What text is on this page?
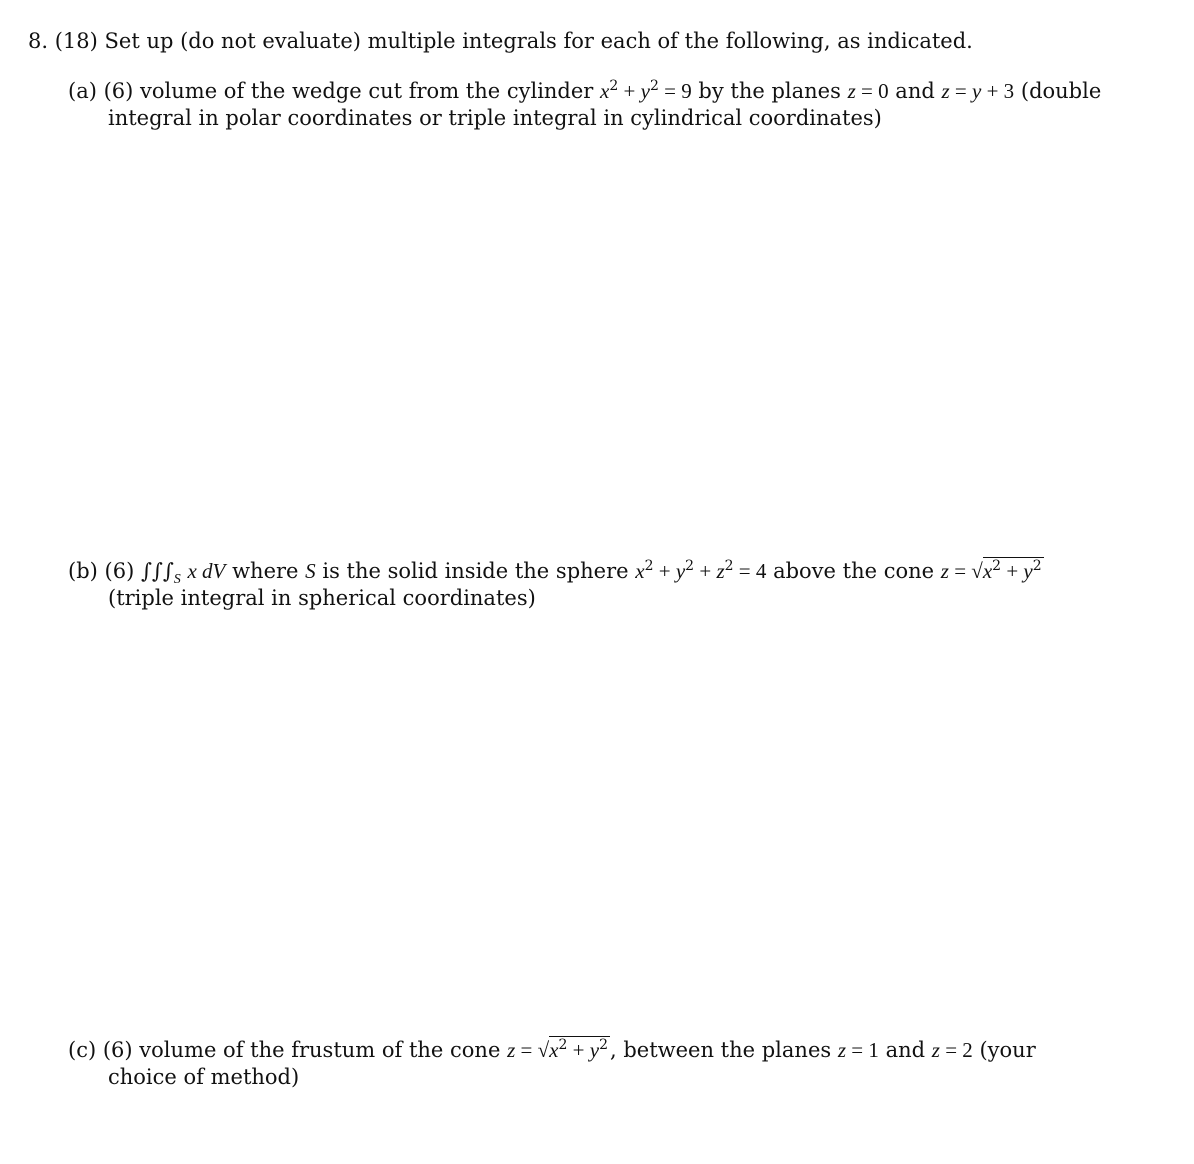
8. (18) Set up (do not evaluate) multiple integrals for each of the following, as indicated.
(a) (6) volume of the wedge cut from the cylinder $x^2 + y^2 = 9$ by the planes z = 0 and z = y + 3 (double
integral in polar coordinates or triple integral in cylindrical coordinates)
(b) (6) $\int\int\int_S$ x dV where S is the solid inside the sphere $x^2 + y^2 + z^2 = 4$ above the cone $z = √x^2 + y^2$
(triple integral in spherical coordinates)
(c) (6) volume of the frustum of the cone $z = √x^2 + y^2$, between the planes z = 1 and z = 2 (your
choice of method)
